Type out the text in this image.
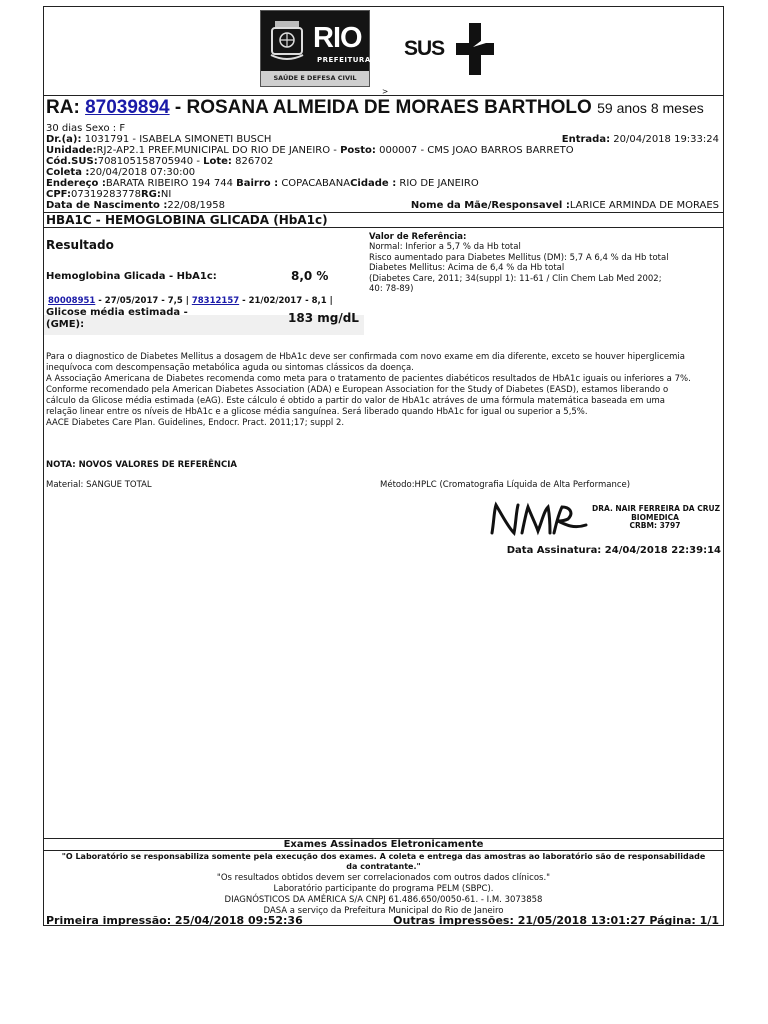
RIO
PREFEITURA
SAÚDE E DEFESA CIVIL
SUS
>
RA: 87039894 - ROSANA ALMEIDA DE MORAES BARTHOLO 59 anos 8 meses
30 dias Sexo : F
Dr.(a): 1031791 - ISABELA SIMONETI BUSCH	Entrada: 20/04/2018 19:33:24
Unidade:RJ2-AP2.1 PREF.MUNICIPAL DO RIO DE JANEIRO - Posto: 000007 - CMS JOAO BARROS BARRETO
Cód.SUS:708105158705940 - Lote: 826702
Coleta :20/04/2018 07:30:00
Endereço :BARATA RIBEIRO 194 744 Bairro : COPACABANACidade : RIO DE JANEIRO
CPF:07319283778RG:NI
Data de Nascimento :22/08/1958	Nome da Mãe/Responsavel :LARICE ARMINDA DE MORAES
HBA1C - HEMOGLOBINA GLICADA (HbA1c)
Resultado
Hemoglobina Glicada - HbA1c:	8,0 %
80008951 - 27/05/2017 - 7,5 | 78312157 - 21/02/2017 - 8,1 |
Glicose média estimada - (GME):	183 mg/dL
Valor de Referência:
Normal: Inferior a 5,7 % da Hb total
Risco aumentado para Diabetes Mellitus (DM): 5,7 A 6,4 % da Hb total
Diabetes Mellitus: Acima de 6,4 % da Hb total
(Diabetes Care, 2011; 34(suppl 1): 11-61 / Clin Chem Lab Med 2002;
40: 78-89)

Para o diagnostico de Diabetes Mellitus a dosagem de HbA1c deve ser confirmada com novo exame em dia diferente, exceto se houver hiperglicemia inequívoca com descompensação metabólica aguda ou sintomas clássicos da doença.

A Associação Americana de Diabetes recomenda como meta para o tratamento de pacientes diabéticos resultados de HbA1c iguais ou inferiores a 7%.

Conforme recomendado pela American Diabetes Association (ADA) e European Association for the Study of Diabetes (EASD), estamos liberando o cálculo da Glicose média estimada (eAG). Este cálculo é obtido a partir do valor de HbA1c atráves de uma fórmula matemática baseada em uma relação linear entre os níveis de HbA1c e a glicose média sanguínea. Será liberado quando HbA1c for igual ou superior a 5,5%.

AACE Diabetes Care Plan. Guidelines, Endocr. Pract. 2011;17; suppl 2.

NOTA: NOVOS VALORES DE REFERÊNCIA
Material: SANGUE TOTAL	Método:HPLC (Cromatografia Líquida de Alta Performance)
DRA. NAIR FERREIRA DA CRUZ
BIOMEDICA
CRBM: 3797
Data Assinatura: 24/04/2018 22:39:14
Exames Assinados Eletronicamente
"O Laboratório se responsabiliza somente pela execução dos exames. A coleta e entrega das amostras ao laboratório são de responsabilidade
da contratante."
"Os resultados obtidos devem ser correlacionados com outros dados clínicos."
Laboratório participante do programa PELM (SBPC).
DIAGNÓSTICOS DA AMÉRICA S/A CNPJ 61.486.650/0050-61. - I.M. 3073858
DASA a serviço da Prefeitura Municipal do Rio de Janeiro
Primeira impressão: 25/04/2018 09:52:36	Outras impressões: 21/05/2018 13:01:27 Página: 1/1
